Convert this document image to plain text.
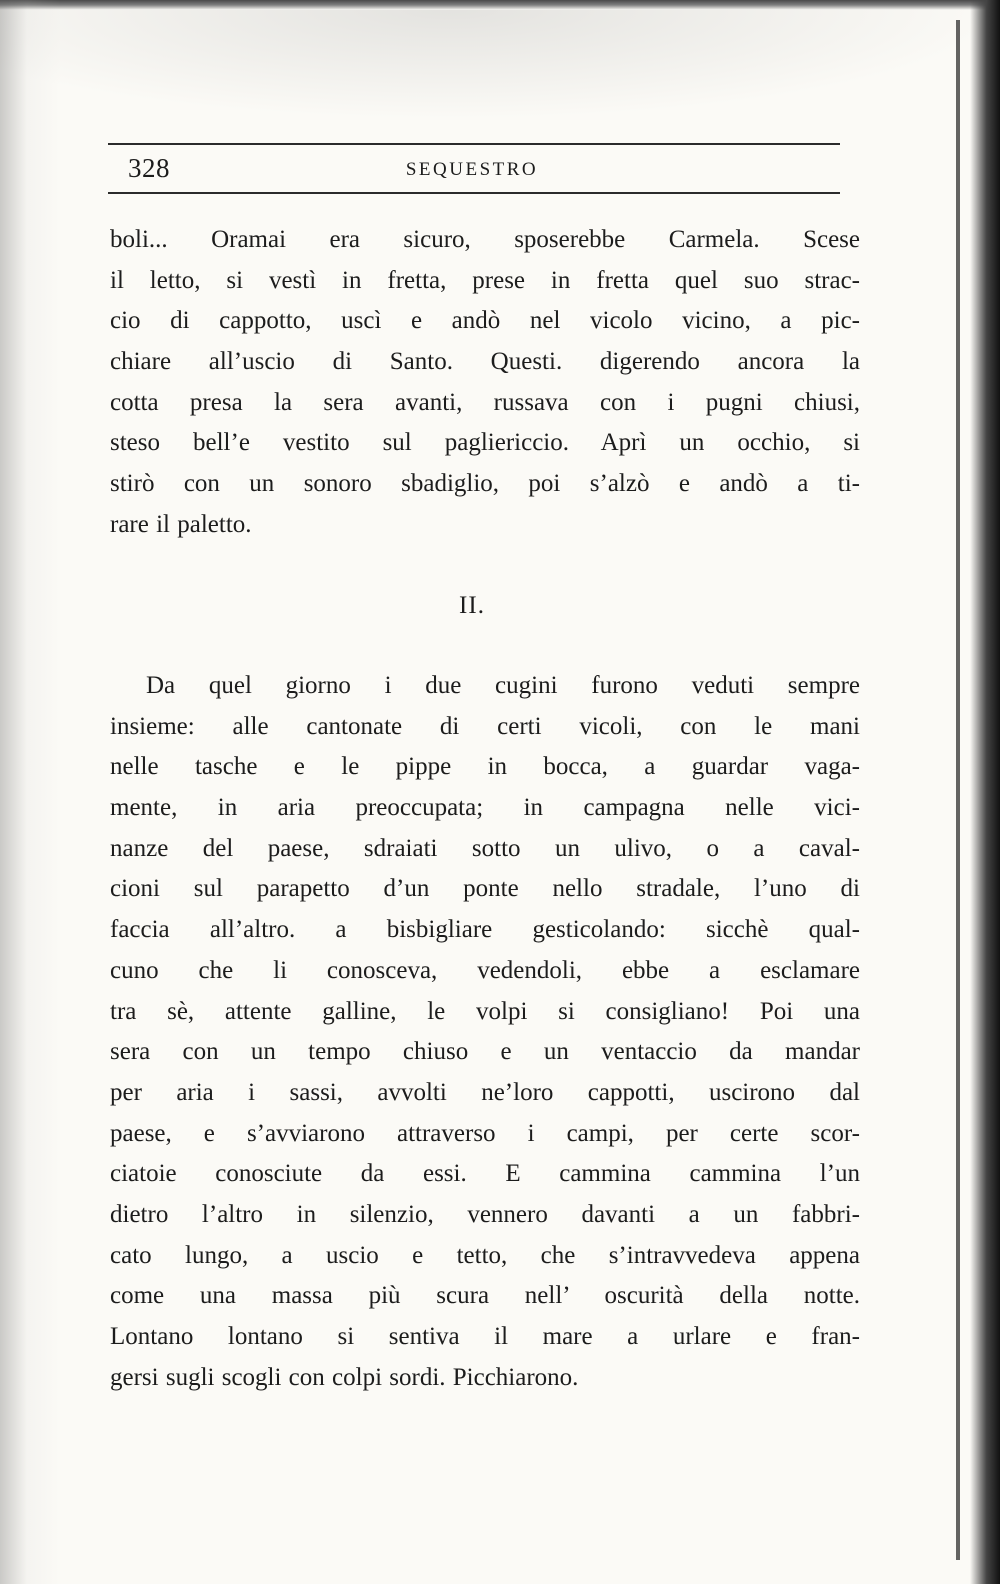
328	SEQUESTRO
boli... Oramai era sicuro, sposerebbe Carmela. Scese
il letto, si vestì in fretta, prese in fretta quel suo strac-
cio di cappotto, uscì e andò nel vicolo vicino, a pic-
chiare all’uscio di Santo. Questi. digerendo ancora la
cotta presa la sera avanti, russava con i pugni chiusi,
steso bell’e vestito sul pagliericcio. Aprì un occhio, si
stirò con un sonoro sbadiglio, poi s’alzò e andò a ti-
rare il paletto.
II.
Da quel giorno i due cugini furono veduti sempre
insieme: alle cantonate di certi vicoli, con le mani
nelle tasche e le pippe in bocca, a guardar vaga-
mente, in aria preoccupata; in campagna nelle vici-
nanze del paese, sdraiati sotto un ulivo, o a caval-
cioni sul parapetto d’un ponte nello stradale, l’uno di
faccia all’altro. a bisbigliare gesticolando: sicchè qual-
cuno che li conosceva, vedendoli, ebbe a esclamare
tra sè, attente galline, le volpi si consigliano! Poi una
sera con un tempo chiuso e un ventaccio da mandar
per aria i sassi, avvolti ne’loro cappotti, uscirono dal
paese, e s’avviarono attraverso i campi, per certe scor-
ciatoie conosciute da essi. E cammina cammina l’un
dietro l’altro in silenzio, vennero davanti a un fabbri-
cato lungo, a uscio e tetto, che s’intravvedeva appena
come una massa più scura nell’ oscurità della notte.
Lontano lontano si sentiva il mare a urlare e fran-
gersi sugli scogli con colpi sordi. Picchiarono.
